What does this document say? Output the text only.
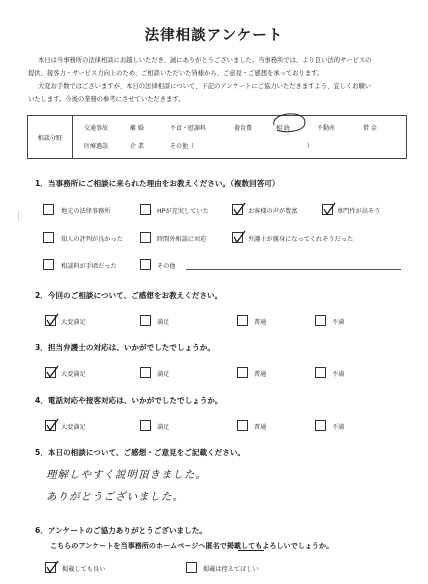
法律相談アンケート
本日は当事務所の法律相談にお越しいただき、誠にありがとうございました。当事務所では、より良い法的サービスの
提供、接客力・サービス力向上のため、ご相談いただいた皆様から、ご意見・ご感想を承っております。
大変お手数ではございますが、本日の法律相談について、下記のアンケートにご協力いただきますよう、宜しくお願い
いたします。今後の業務の参考にさせていただきます。
相談分野
交通事故	離 婚	不貞・慰謝料	養育費	相 続	不動産	借 金
医療過誤	企 業	その他（	）
1．当事務所にご相談に来られた理由をお教えください。（複数回答可）
地元の法律事務所	HPが充実していた	お客様の声が豊富	専門性が高そう
知人の評判が良かった	時間外相談に対応	弁護士が親身になってくれそうだった
相談料が手頃だった	その他
2．今回のご相談について、ご感想をお教えください。
大変満足	満足	普通	不満
3．担当弁護士の対応は、いかがでしたでしょうか。
大変満足	満足	普通	不満
4．電話対応や接客対応は、いかがでしたでしょうか。
大変満足	満足	普通	不満
5．本日の相談について、ご感想・ご意見をご記載ください。
理解しやすく説明頂きました。
ありがとうございました。
6．アンケートのご協力ありがとうございました。
こちらのアンケートを当事務所のホームページへ匿名で掲載してもよろしいでしょうか。
掲載しても良い	掲載は控えてほしい
